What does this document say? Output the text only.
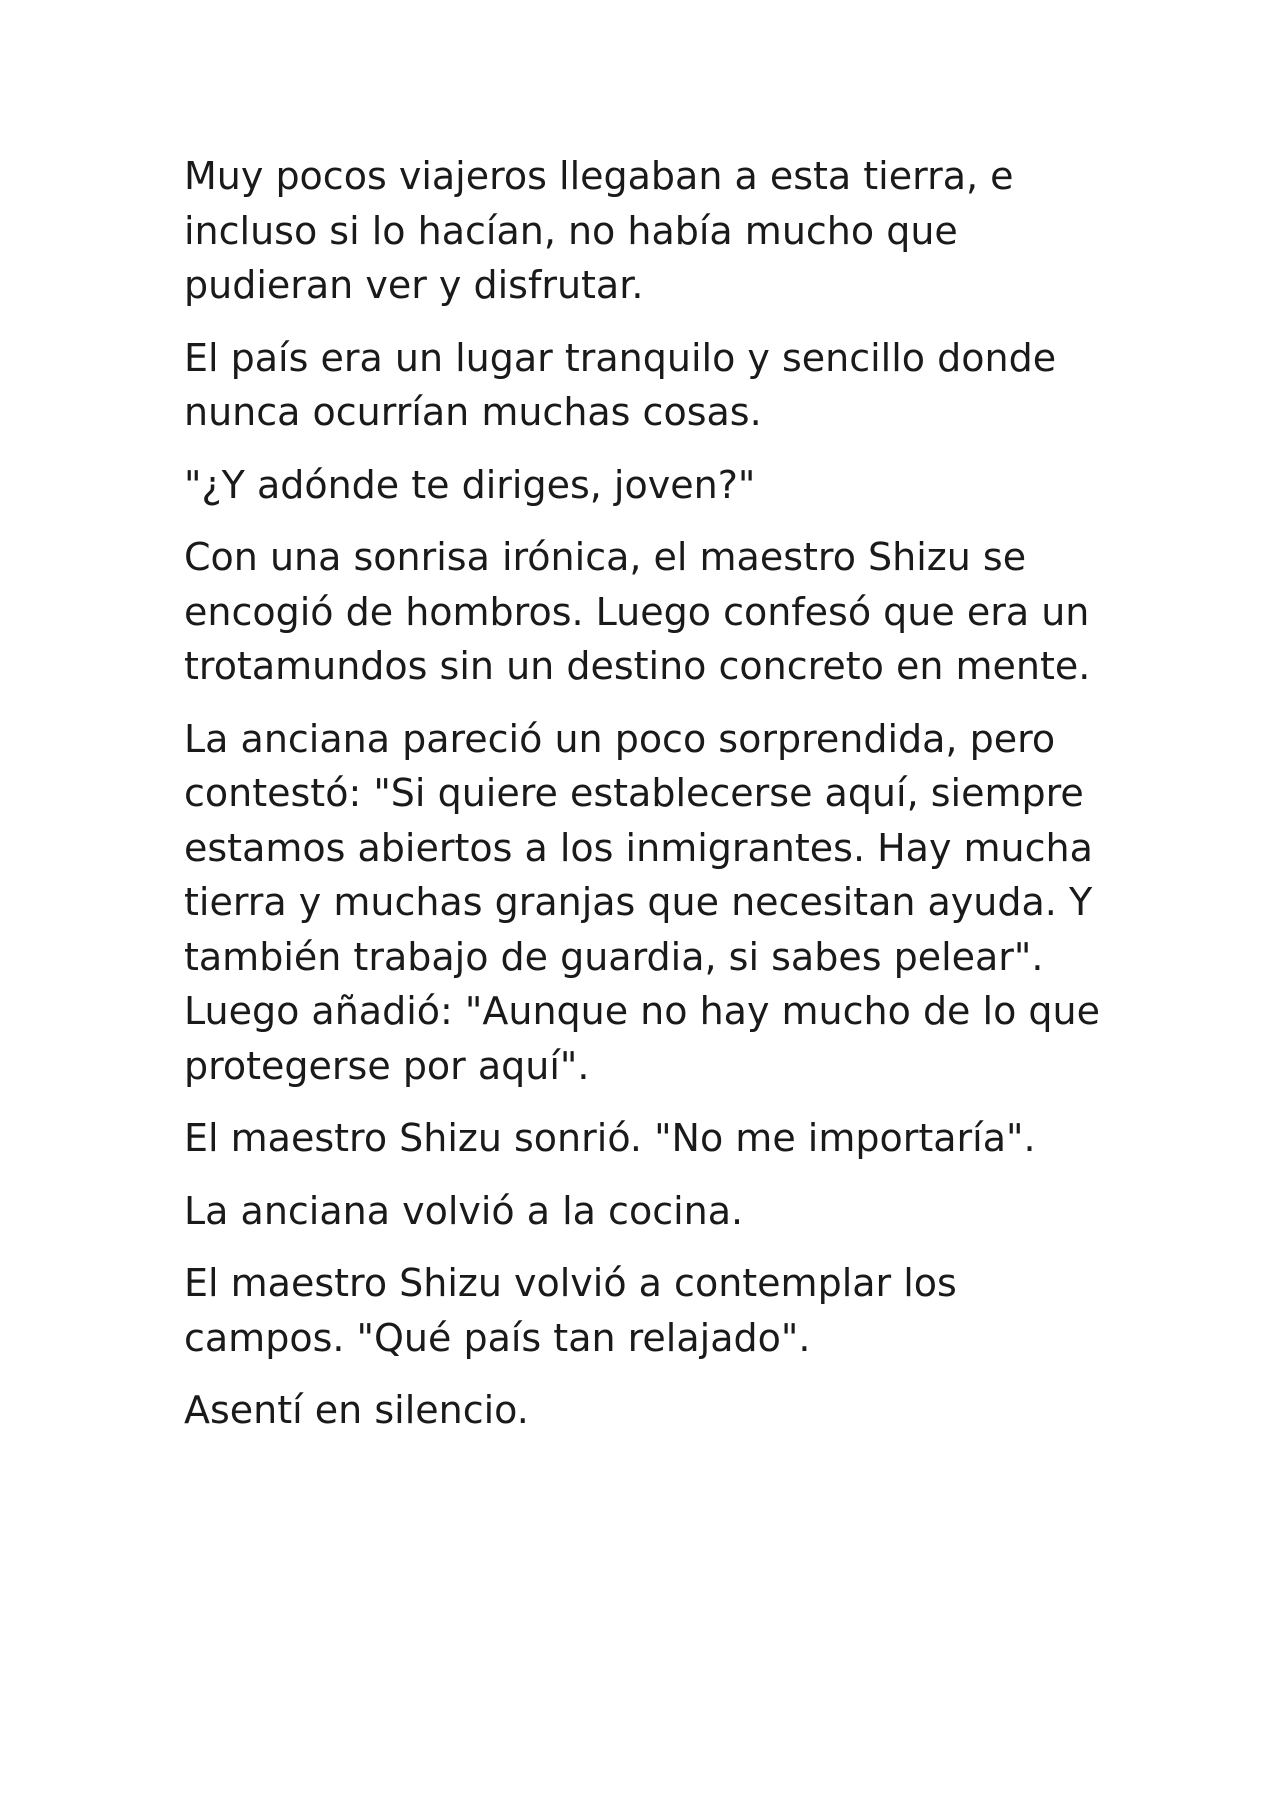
Muy pocos viajeros llegaban a esta tierra, e incluso si lo hacían, no había mucho que pudieran ver y disfrutar.

El país era un lugar tranquilo y sencillo donde nunca ocurrían muchas cosas.

"¿Y adónde te diriges, joven?"

Con una sonrisa irónica, el maestro Shizu se encogió de hombros. Luego confesó que era un trotamundos sin un destino concreto en mente.

La anciana pareció un poco sorprendida, pero contestó: "Si quiere establecerse aquí, siempre estamos abiertos a los inmigrantes. Hay mucha tierra y muchas granjas que necesitan ayuda. Y también trabajo de guardia, si sabes pelear". Luego añadió: "Aunque no hay mucho de lo que protegerse por aquí".

El maestro Shizu sonrió. "No me importaría".

La anciana volvió a la cocina.

El maestro Shizu volvió a contemplar los campos. "Qué país tan relajado".

Asentí en silencio.
